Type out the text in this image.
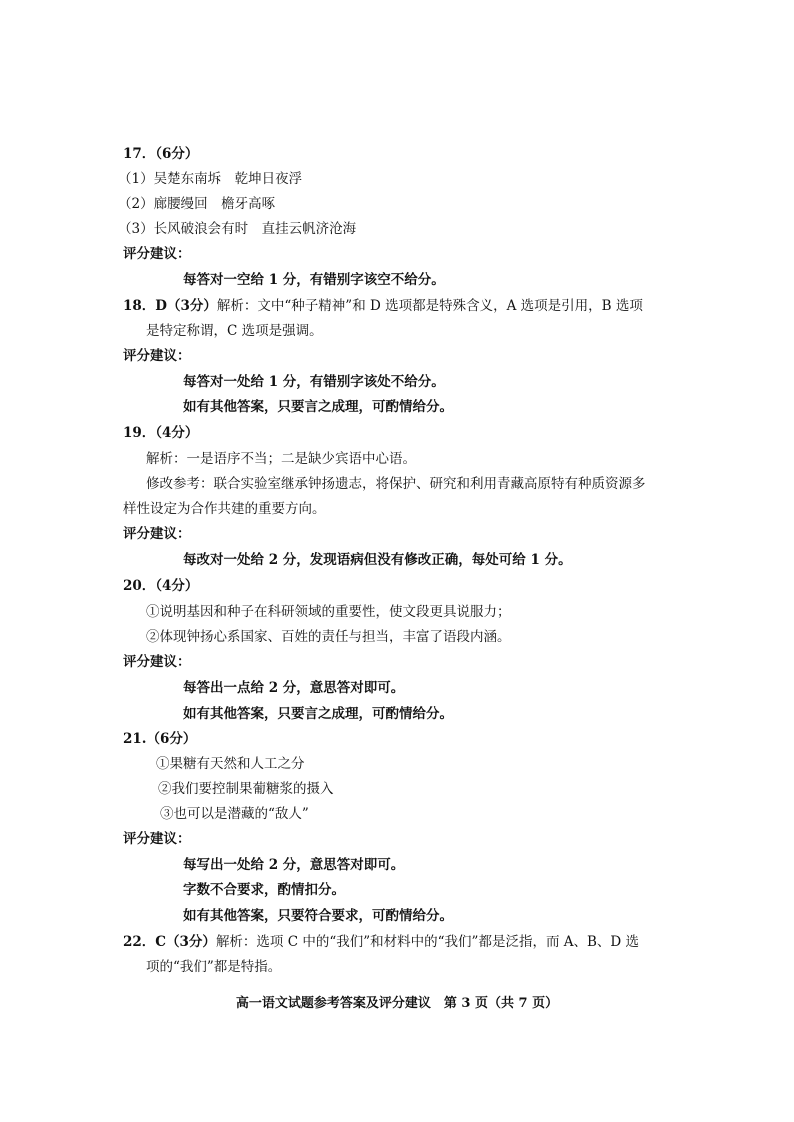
17．（6分）
（1）吴楚东南坼　乾坤日夜浮
（2）廊腰缦回　檐牙高啄
（3）长风破浪会有时　直挂云帆济沧海
评分建议：
每答对一空给 1 分，有错别字该空不给分。
18．D（3分）解析：文中“种子精神”和 D 选项都是特殊含义，A 选项是引用，B 选项
是特定称谓，C 选项是强调。
评分建议：
每答对一处给 1 分，有错别字该处不给分。
如有其他答案，只要言之成理，可酌情给分。
19．（4分）
解析：一是语序不当；二是缺少宾语中心语。
修改参考：联合实验室继承钟扬遗志，将保护、研究和利用青藏高原特有种质资源多
样性设定为合作共建的重要方向。
评分建议：
每改对一处给 2 分，发现语病但没有修改正确，每处可给 1 分。
20．（4分）
①说明基因和种子在科研领域的重要性，使文段更具说服力；
②体现钟扬心系国家、百姓的责任与担当，丰富了语段内涵。
评分建议：
每答出一点给 2 分，意思答对即可。
如有其他答案，只要言之成理，可酌情给分。
21.（6分）
①果糖有天然和人工之分
②我们要控制果葡糖浆的摄入
③也可以是潜藏的“敌人”
评分建议：
每写出一处给 2 分，意思答对即可。
字数不合要求，酌情扣分。
如有其他答案，只要符合要求，可酌情给分。
22．C（3分）解析：选项 C 中的“我们”和材料中的“我们”都是泛指，而 A、B、D 选
项的“我们”都是特指。
高一语文试题参考答案及评分建议　第 3 页（共 7 页）
